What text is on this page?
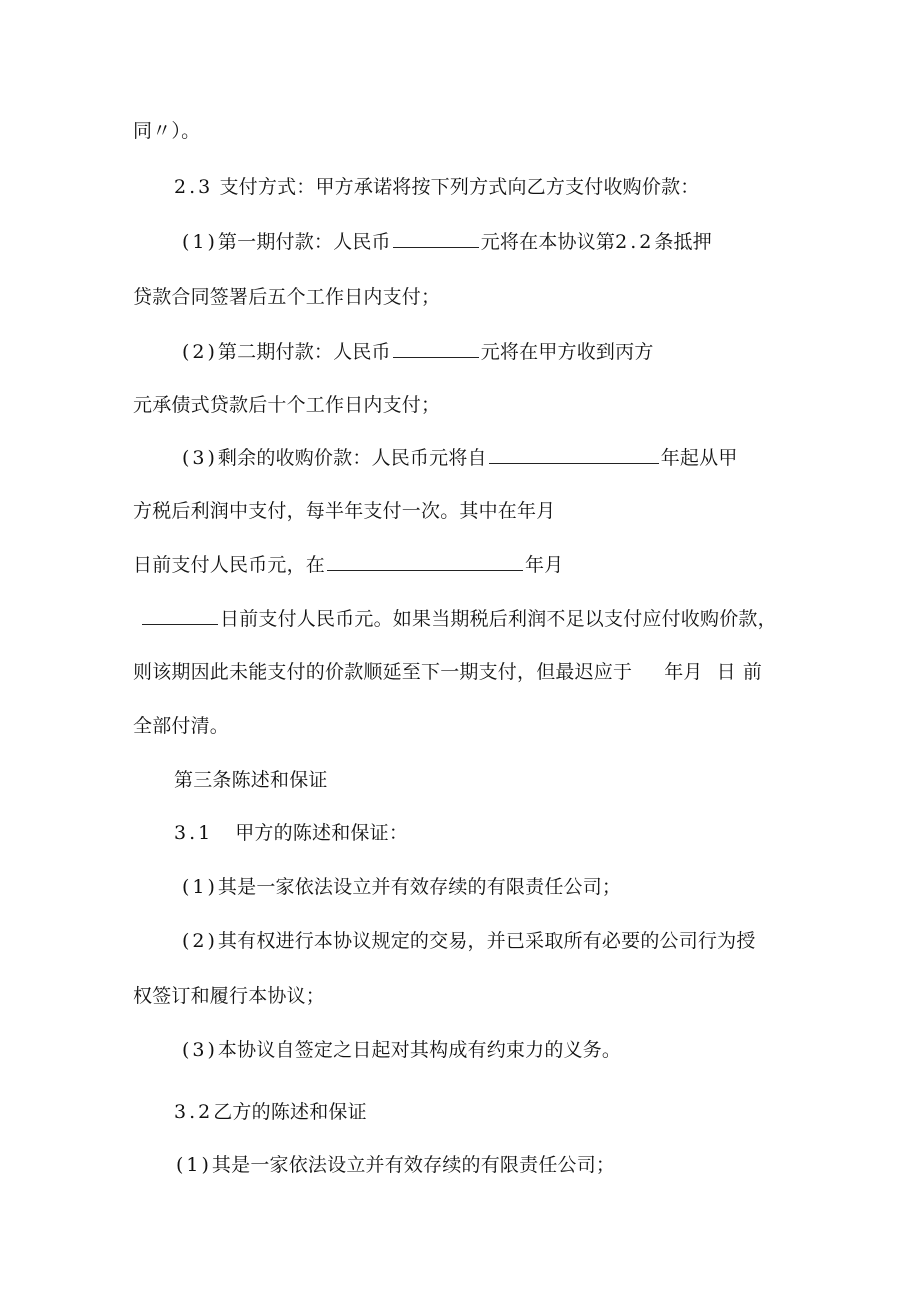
同〃）。
2.3 支付方式：甲方承诺将按下列方式向乙方支付收购价款：
(1)第一期付款：人民币	元将在本协议第2.2条抵押
贷款合同签署后五个工作日内支付；
(2)第二期付款：人民币	元将在甲方收到丙方
元承债式贷款后十个工作日内支付；
(3)剩余的收购价款：人民币元将自	年起从甲
方税后利润中支付，每半年支付一次。其中在年月
日前支付人民币元，在	年月
日前支付人民币元。如果当期税后利润不足以支付应付收购价款，
则该期因此未能支付的价款顺延至下一期支付，但最迟应于 年月 日 前
全部付清。
第三条陈述和保证
3.1 甲方的陈述和保证：
(1)其是一家依法设立并有效存续的有限责任公司；
(2)其有权进行本协议规定的交易，并已采取所有必要的公司行为授
权签订和履行本协议；
(3)本协议自签定之日起对其构成有约束力的义务。
3.2乙方的陈述和保证
(1)其是一家依法设立并有效存续的有限责任公司；
